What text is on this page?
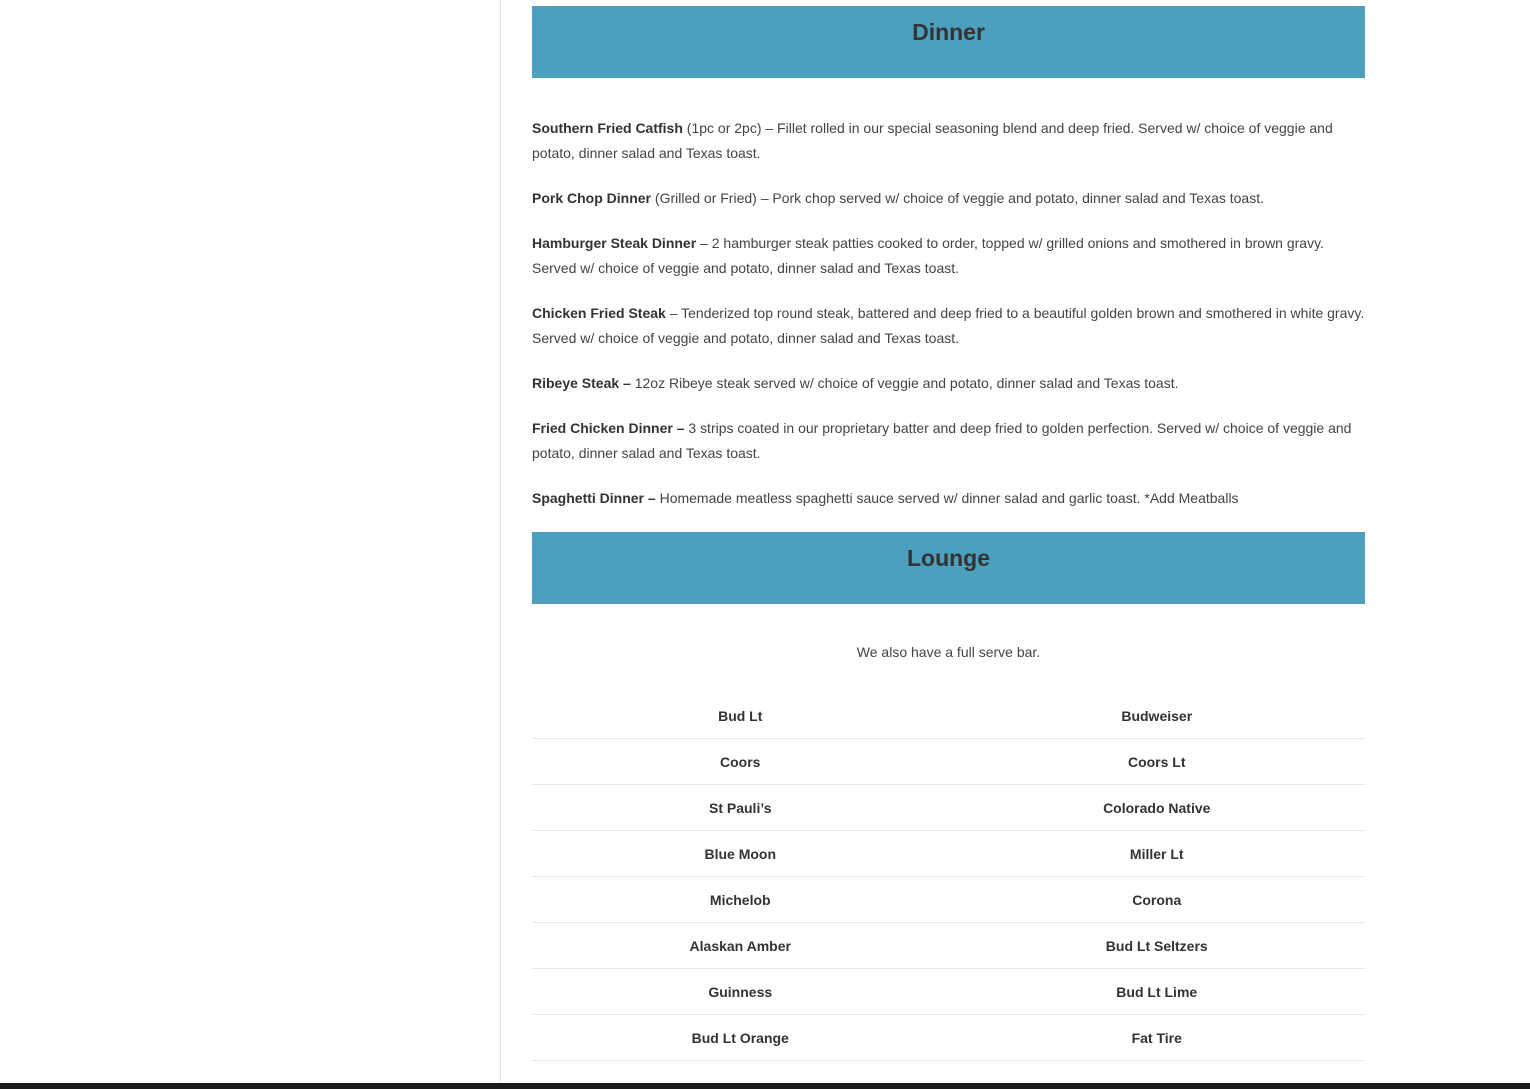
Dinner

Southern Fried Catfish (1pc or 2pc) – Fillet rolled in our special seasoning blend and deep fried. Served w/ choice of veggie and potato, dinner salad and Texas toast.

Pork Chop Dinner (Grilled or Fried) – Pork chop served w/ choice of veggie and potato, dinner salad and Texas toast.

Hamburger Steak Dinner – 2 hamburger steak patties cooked to order, topped w/ grilled onions and smothered in brown gravy. Served w/ choice of veggie and potato, dinner salad and Texas toast.

Chicken Fried Steak – Tenderized top round steak, battered and deep fried to a beautiful golden brown and smothered in white gravy. Served w/ choice of veggie and potato, dinner salad and Texas toast.

Ribeye Steak – 12oz Ribeye steak served w/ choice of veggie and potato, dinner salad and Texas toast.

Fried Chicken Dinner – 3 strips coated in our proprietary batter and deep fried to golden perfection. Served w/ choice of veggie and potato, dinner salad and Texas toast.

Spaghetti Dinner – Homemade meatless spaghetti sauce served w/ dinner salad and garlic toast. *Add Meatballs

Lounge

We also have a full serve bar.

Bud Lt	Budweiser
Coors	Coors Lt
St Pauli’s	Colorado Native
Blue Moon	Miller Lt
Michelob	Corona
Alaskan Amber	Bud Lt Seltzers
Guinness	Bud Lt Lime
Bud Lt Orange	Fat Tire
